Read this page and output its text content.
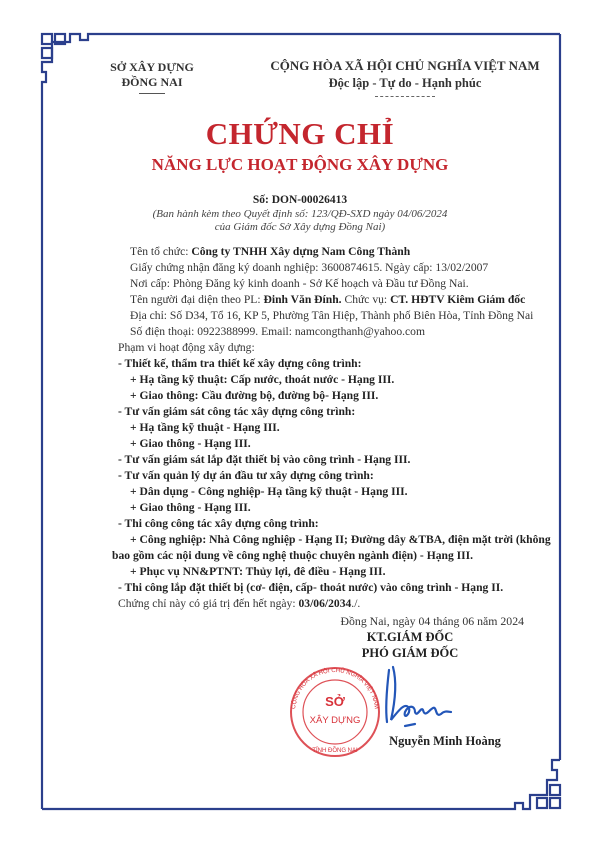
SỞ XÂY DỰNG
ĐỒNG NAI
CỘNG HÒA XÃ HỘI CHỦ NGHĨA VIỆT NAM
Độc lập - Tự do - Hạnh phúc
CHỨNG CHỈ
NĂNG LỰC HOẠT ĐỘNG XÂY DỰNG
Số: DON-00026413
(Ban hành kèm theo Quyết định số: 123/QĐ-SXD ngày 04/06/2024
của Giám đốc Sở Xây dựng Đồng Nai)
Tên tổ chức: Công ty TNHH Xây dựng Nam Công Thành
Giấy chứng nhận đăng ký doanh nghiệp: 3600874615. Ngày cấp: 13/02/2007
Nơi cấp: Phòng Đăng ký kinh doanh - Sở Kế hoạch và Đầu tư Đồng Nai.
Tên người đại diện theo PL: Đinh Văn Đính. Chức vụ: CT. HĐTV Kiêm Giám đốc
Địa chỉ: Số D34, Tổ 16, KP 5, Phường Tân Hiệp, Thành phố Biên Hòa, Tỉnh Đồng Nai
Số điện thoại: 0922388999. Email: namcongthanh@yahoo.com
Phạm vi hoạt động xây dựng:
- Thiết kế, thẩm tra thiết kế xây dựng công trình:
+ Hạ tầng kỹ thuật: Cấp nước, thoát nước - Hạng III.
+ Giao thông: Cầu đường bộ, đường bộ- Hạng III.
- Tư vấn giám sát công tác xây dựng công trình:
+ Hạ tầng kỹ thuật - Hạng III.
+ Giao thông - Hạng III.
- Tư vấn giám sát lắp đặt thiết bị vào công trình - Hạng III.
- Tư vấn quản lý dự án đầu tư xây dựng công trình:
+ Dân dụng - Công nghiệp- Hạ tầng kỹ thuật - Hạng III.
+ Giao thông - Hạng III.
- Thi công công tác xây dựng công trình:
+ Công nghiệp: Nhà Công nghiệp - Hạng II; Đường dây &TBA, điện mặt trời (không
bao gồm các nội dung về công nghệ thuộc chuyên ngành điện) - Hạng III.
+ Phục vụ NN&PTNT: Thủy lợi, đê điều - Hạng III.
- Thi công lắp đặt thiết bị (cơ- điện, cấp- thoát nước) vào công trình - Hạng II.
Chứng chỉ này có giá trị đến hết ngày: 03/06/2034./.
Đồng Nai, ngày 04 tháng 06 năm 2024
KT.GIÁM ĐỐC
PHÓ GIÁM ĐỐC
CỘNG HÒA XÃ HỘI CHỦ NGHĨA VIỆT NAM
SỞ
XÂY DỰNG
TỈNH ĐỒNG NAI
Nguyễn Minh Hoàng
